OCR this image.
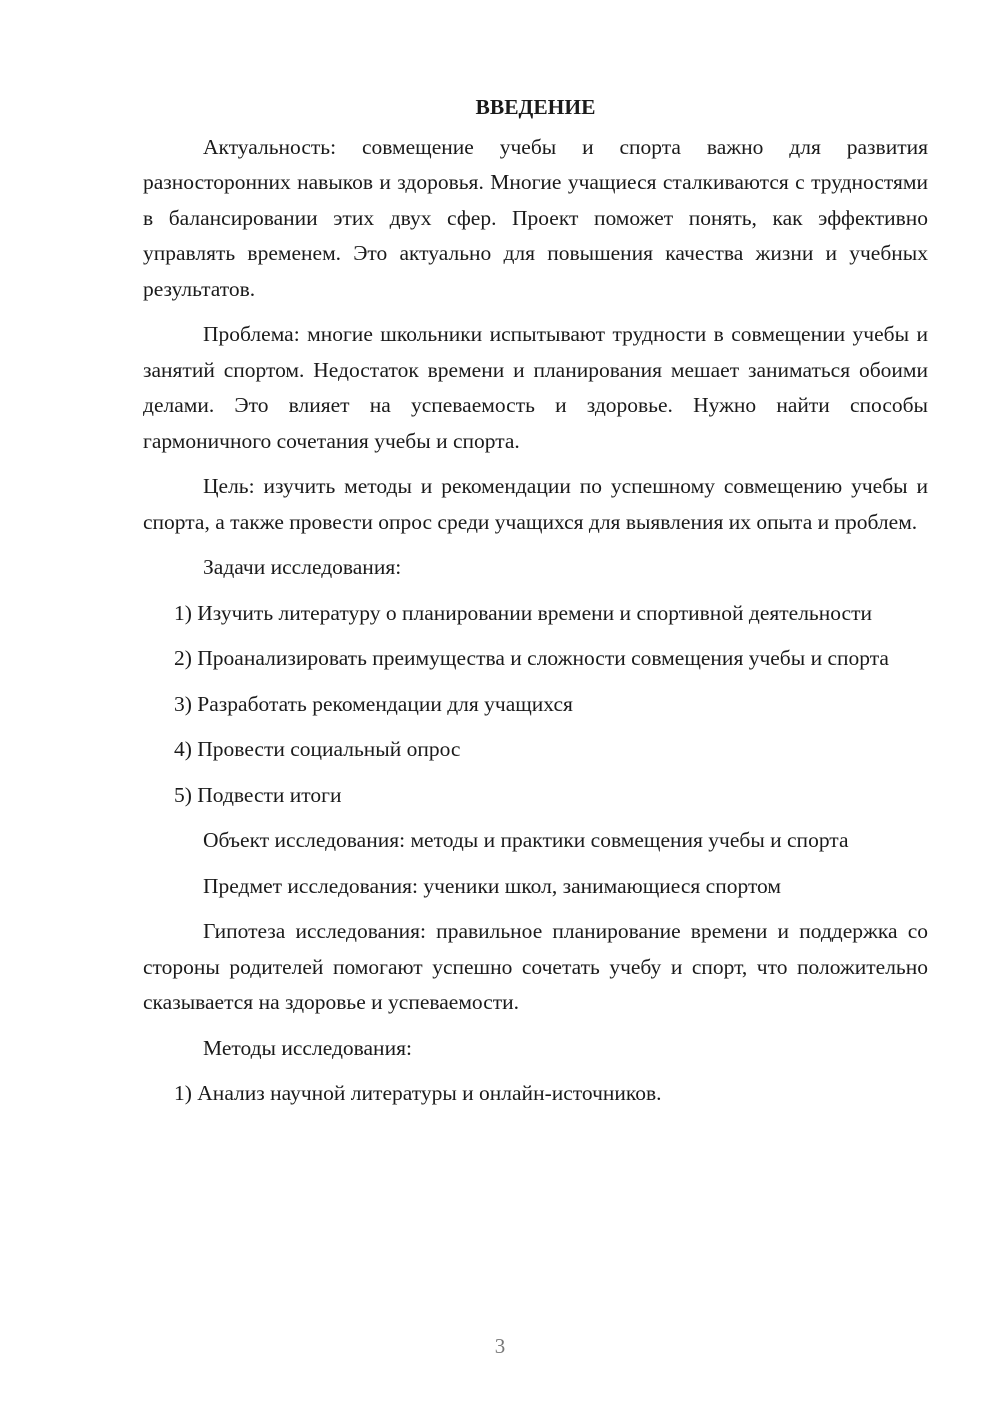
ВВЕДЕНИЕ

Актуальность: совмещение учебы и спорта важно для развития разносторонних навыков и здоровья. Многие учащиеся сталкиваются с трудностями в балансировании этих двух сфер. Проект поможет понять, как эффективно управлять временем. Это актуально для повышения качества жизни и учебных результатов.

Проблема: многие школьники испытывают трудности в совмещении учебы и занятий спортом. Недостаток времени и планирования мешает заниматься обоими делами. Это влияет на успеваемость и здоровье. Нужно найти способы гармоничного сочетания учебы и спорта.

Цель: изучить методы и рекомендации по успешному совмещению учебы и спорта, а также провести опрос среди учащихся для выявления их опыта и проблем.

Задачи исследования:

1) Изучить литературу о планировании времени и спортивной деятельности

2) Проанализировать преимущества и сложности совмещения учебы и спорта

3) Разработать рекомендации для учащихся

4) Провести социальный опрос

5) Подвести итоги

Объект исследования: методы и практики совмещения учебы и спорта

Предмет исследования: ученики школ, занимающиеся спортом

Гипотеза исследования: правильное планирование времени и поддержка со стороны родителей помогают успешно сочетать учебу и спорт, что положительно сказывается на здоровье и успеваемости.

Методы исследования:

1) Анализ научной литературы и онлайн-источников.

3
